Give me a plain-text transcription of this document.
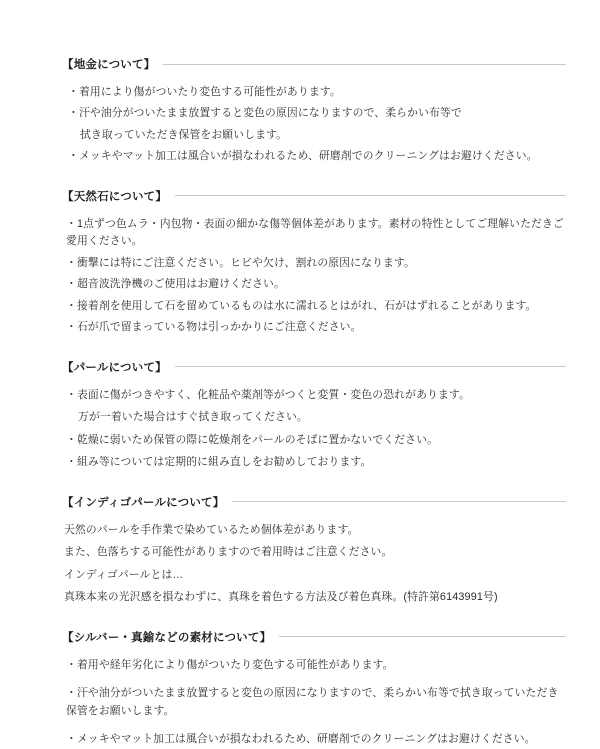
【地金について】
・着用により傷がついたり変色する可能性があります。
・汗や油分がついたまま放置すると変色の原因になりますので、柔らかい布等で
拭き取っていただき保管をお願いします。
・メッキやマット加工は風合いが損なわれるため、研磨剤でのクリーニングはお避けください。
【天然石について】
・1点ずつ色ムラ・内包物・表面の細かな傷等個体差があります。素材の特性としてご理解いただきご愛用ください。
・衝撃には特にご注意ください。ヒビや欠け、割れの原因になります。
・超音波洗浄機のご使用はお避けください。
・接着剤を使用して石を留めているものは水に濡れるとはがれ、石がはずれることがあります。
・石が爪で留まっている物は引っかかりにご注意ください。
【パールについて】
・表面に傷がつきやすく、化粧品や薬剤等がつくと変質・変色の恐れがあります。
万が一着いた場合はすぐ拭き取ってください。
・乾燥に弱いため保管の際に乾燥剤をパールのそばに置かないでください。
・組み等については定期的に組み直しをお勧めしております。
【インディゴパールについて】
天然のパールを手作業で染めているため個体差があります。
また、色落ちする可能性がありますので着用時はご注意ください。
インディゴパールとは…
真珠本来の光沢感を損なわずに、真珠を着色する方法及び着色真珠。(特許第6143991号)
【シルバー・真鍮などの素材について】
・着用や経年劣化により傷がついたり変色する可能性があります。
・汗や油分がついたまま放置すると変色の原因になりますので、柔らかい布等で拭き取っていただき保管をお願いします。
・メッキやマット加工は風合いが損なわれるため、研磨剤でのクリーニングはお避けください。
